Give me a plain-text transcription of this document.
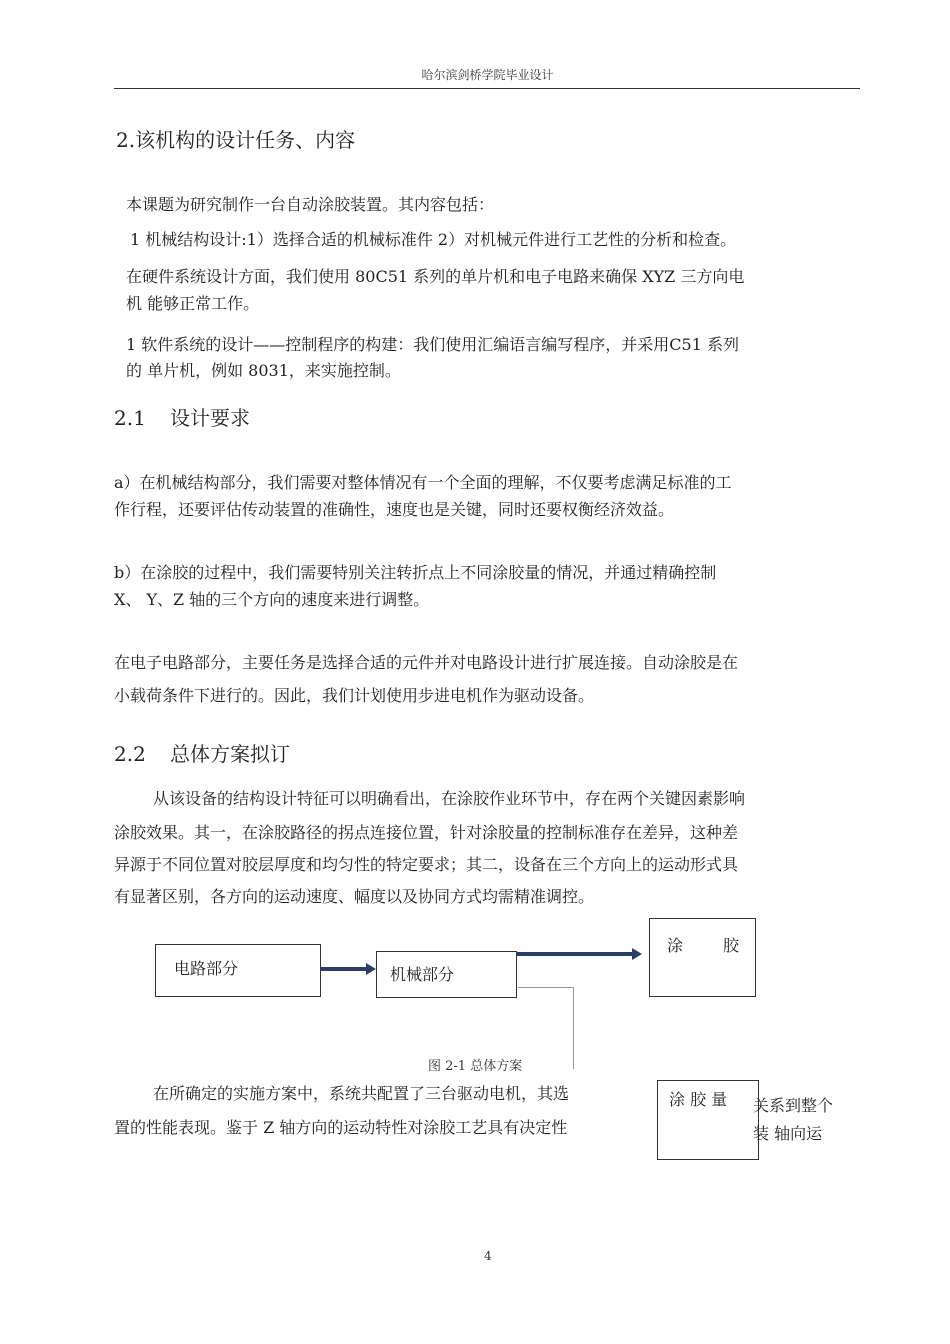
哈尔滨剑桥学院毕业设计
2.该机构的设计任务、内容
本课题为研究制作一台自动涂胶装置。其内容包括：
1 机械结构设计:1）选择合适的机械标准件 2）对机械元件进行工艺性的分析和检查。
在硬件系统设计方面，我们使用 80C51 系列的单片机和电子电路来确保 XYZ 三方向电
机 能够正常工作。
1 软件系统的设计——控制程序的构建：我们使用汇编语言编写程序，并采用C51 系列
的 单片机，例如 8031，来实施控制。
2.1 设计要求
a）在机械结构部分，我们需要对整体情况有一个全面的理解，不仅要考虑满足标准的工
作行程，还要评估传动装置的准确性，速度也是关键，同时还要权衡经济效益。
b）在涂胶的过程中，我们需要特别关注转折点上不同涂胶量的情况，并通过精确控制
X、 Y、Z 轴的三个方向的速度来进行调整。
在电子电路部分，主要任务是选择合适的元件并对电路设计进行扩展连接。自动涂胶是在
小载荷条件下进行的。因此，我们计划使用步进电机作为驱动设备。
2.2 总体方案拟订
从该设备的结构设计特征可以明确看出，在涂胶作业环节中，存在两个关键因素影响
涂胶效果。其一，在涂胶路径的拐点连接位置，针对涂胶量的控制标准存在差异，这种差
异源于不同位置对胶层厚度和均匀性的特定要求；其二，设备在三个方向上的运动形式具
有显著区别，各方向的运动速度、幅度以及协同方式均需精准调控。
电路部分	机械部分
涂 胶
图 2-1 总体方案
涂 胶 量
在所确定的实施方案中，系统共配置了三台驱动电机，其选
关系到整个
置的性能表现。鉴于 Z 轴方向的运动特性对涂胶工艺具有决定性	装 轴向运
4
